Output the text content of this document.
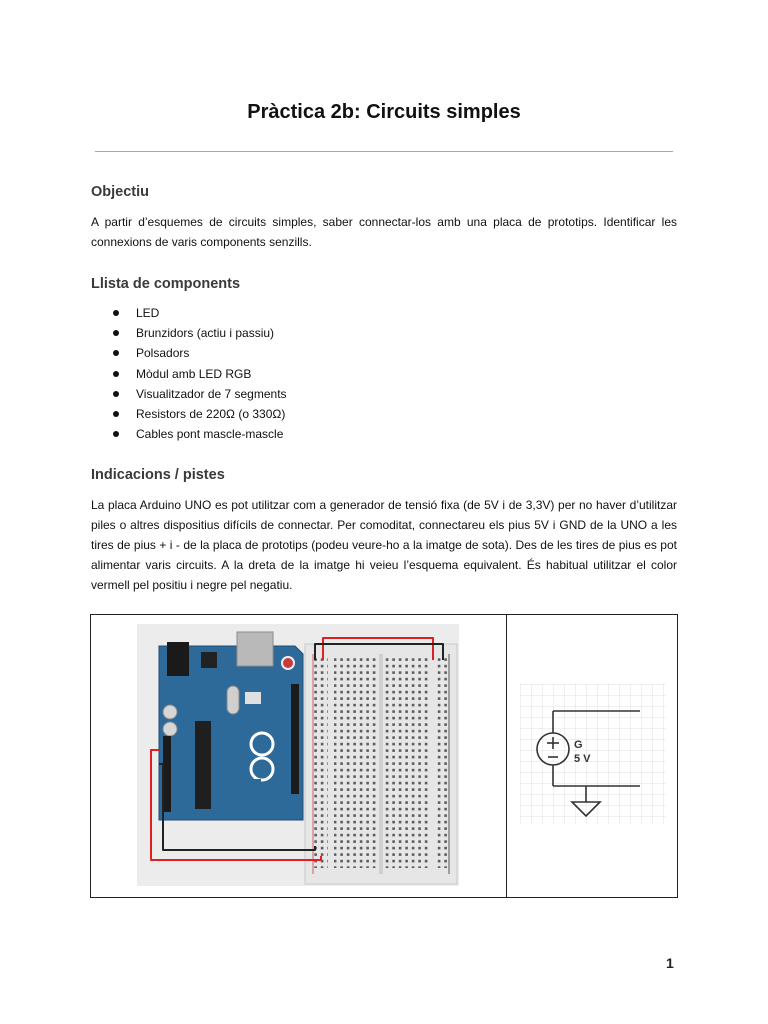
Pràctica 2b: Circuits simples
Objectiu
A partir d’esquemes de circuits simples, saber connectar-los amb una placa de prototips. Identificar les connexions de varis components senzills.
Llista de components
LED
Brunzidors (actiu i passiu)
Polsadors
Mòdul amb LED RGB
Visualitzador de 7 segments
Resistors de 220Ω (o 330Ω)
Cables pont mascle-mascle
Indicacions / pistes
La placa Arduino UNO es pot utilitzar com a generador de tensió fixa (de 5V i de 3,3V) per no haver d’utilitzar piles o altres dispositius difícils de connectar. Per comoditat, connectareu els pius 5V i GND de la UNO a les tires de pius + i - de la placa de prototips (podeu veure-ho a la imatge de sota). Des de les tires de pius es pot alimentar varis circuits. A la dreta de la imatge hi veieu l’esquema equivalent. És habitual utilitzar el color vermell pel positiu i negre pel negatiu.
G
5 V
1
